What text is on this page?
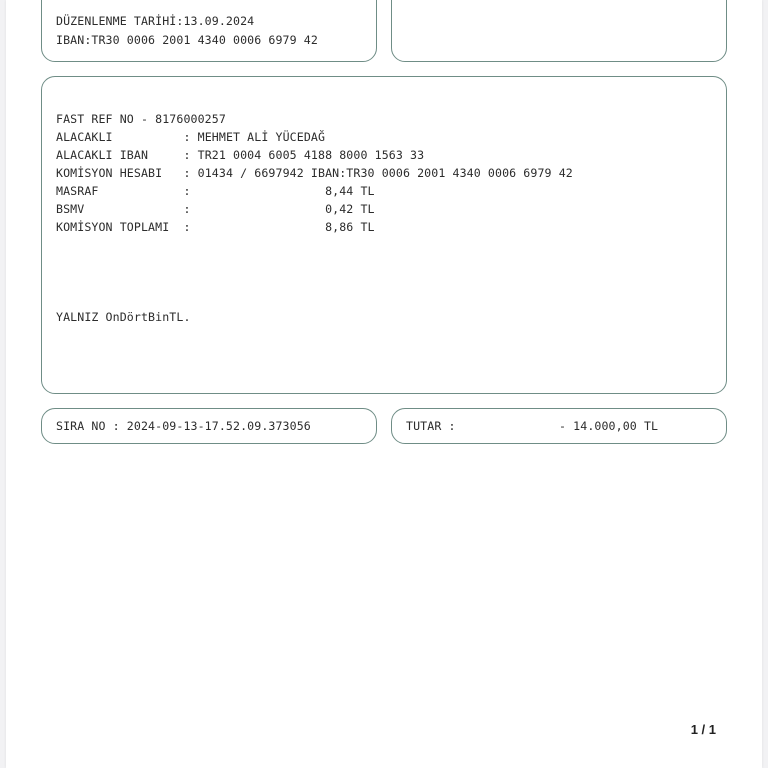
DÜZENLENME TARİHİ:13.09.2024
IBAN:TR30 0006 2001 4340 0006 6979 42
FAST REF NO - 8176000257
ALACAKLI          : MEHMET ALİ YÜCEDAĞ
ALACAKLI IBAN     : TR21 0004 6005 4188 8000 1563 33
KOMİSYON HESABI   : 01434 / 6697942 IBAN:TR30 0006 2001 4340 0006 6979 42
MASRAF            :                   8,44 TL
BSMV              :                   0,42 TL
KOMİSYON TOPLAMI  :                   8,86 TL
YALNIZ OnDörtBinTL.
SIRA NO : 2024-09-13-17.52.09.373056	TUTAR :	- 14.000,00 TL
1 / 1
